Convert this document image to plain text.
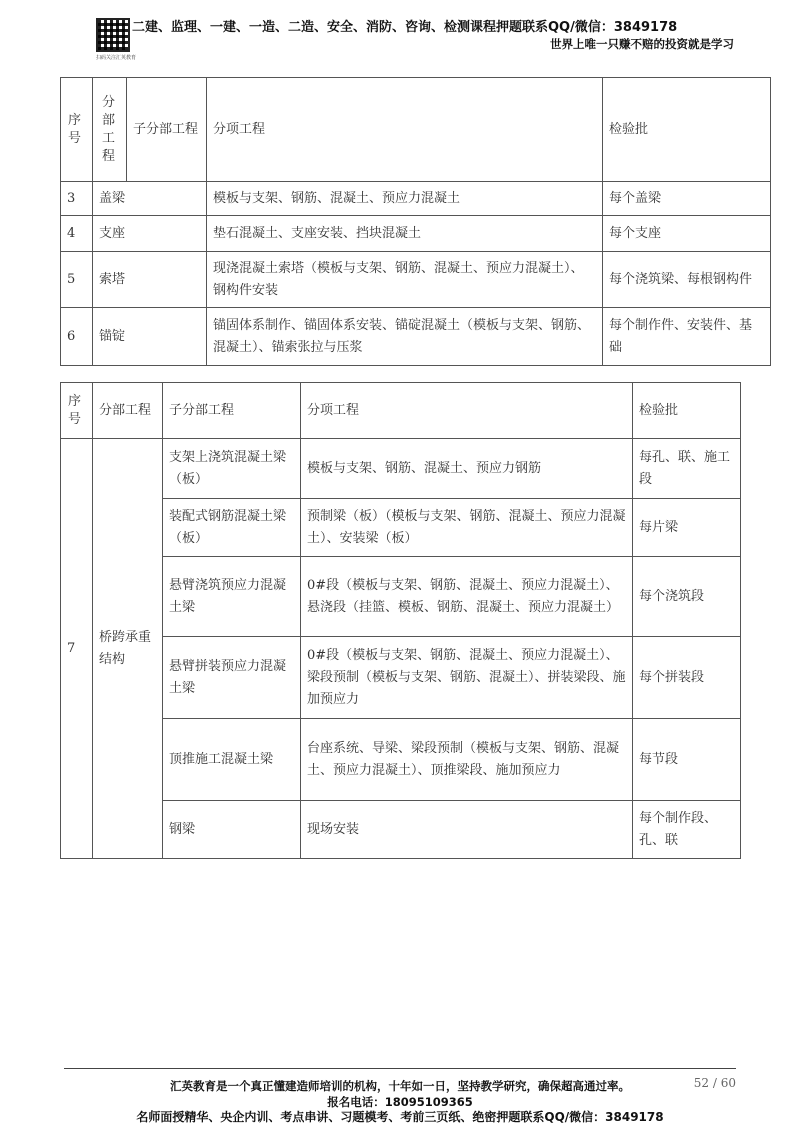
扫码关注汇英教育
二建、监理、一建、一造、二造、安全、消防、咨询、检测课程押题联系QQ/微信：3849178
世界上唯一只赚不赔的投资就是学习
序号	分部工程	子分部工程	分项工程	检验批
3	盖梁		模板与支架、钢筋、混凝土、预应力混凝土	每个盖梁
4	支座		垫石混凝土、支座安装、挡块混凝土	每个支座
5	索塔		现浇混凝土索塔（模板与支架、钢筋、混凝土、预应力混凝土）、钢构件安装	每个浇筑梁、每根钢构件
6	锚锭		锚固体系制作、锚固体系安装、锚碇混凝土（模板与支架、钢筋、混凝土）、锚索张拉与压浆	每个制作件、安装件、基础
序号	分部工程	子分部工程	分项工程	检验批
7	桥跨承重结构	支架上浇筑混凝土梁（板）	模板与支架、钢筋、混凝土、预应力钢筋	每孔、联、施工段
		装配式钢筋混凝土梁（板）	预制梁（板）（模板与支架、钢筋、混凝土、预应力混凝土）、安装梁（板）	每片梁
		悬臂浇筑预应力混凝土梁	0#段（模板与支架、钢筋、混凝土、预应力混凝土）、悬浇段（挂篮、模板、钢筋、混凝土、预应力混凝土）	每个浇筑段
		悬臂拼装预应力混凝土梁	0#段（模板与支架、钢筋、混凝土、预应力混凝土）、梁段预制（模板与支架、钢筋、混凝土）、拼装梁段、施加预应力	每个拼装段
		顶推施工混凝土梁	台座系统、导梁、梁段预制（模板与支架、钢筋、混凝土、预应力混凝土）、顶推梁段、施加预应力	每节段
		钢梁	现场安装	每个制作段、孔、联
汇英教育是一个真正懂建造师培训的机构，十年如一日，坚持教学研究，确保超高通过率。	52 / 60
报名电话：18095109365
名师面授精华、央企内训、考点串讲、习题模考、考前三页纸、绝密押题联系QQ/微信：3849178
